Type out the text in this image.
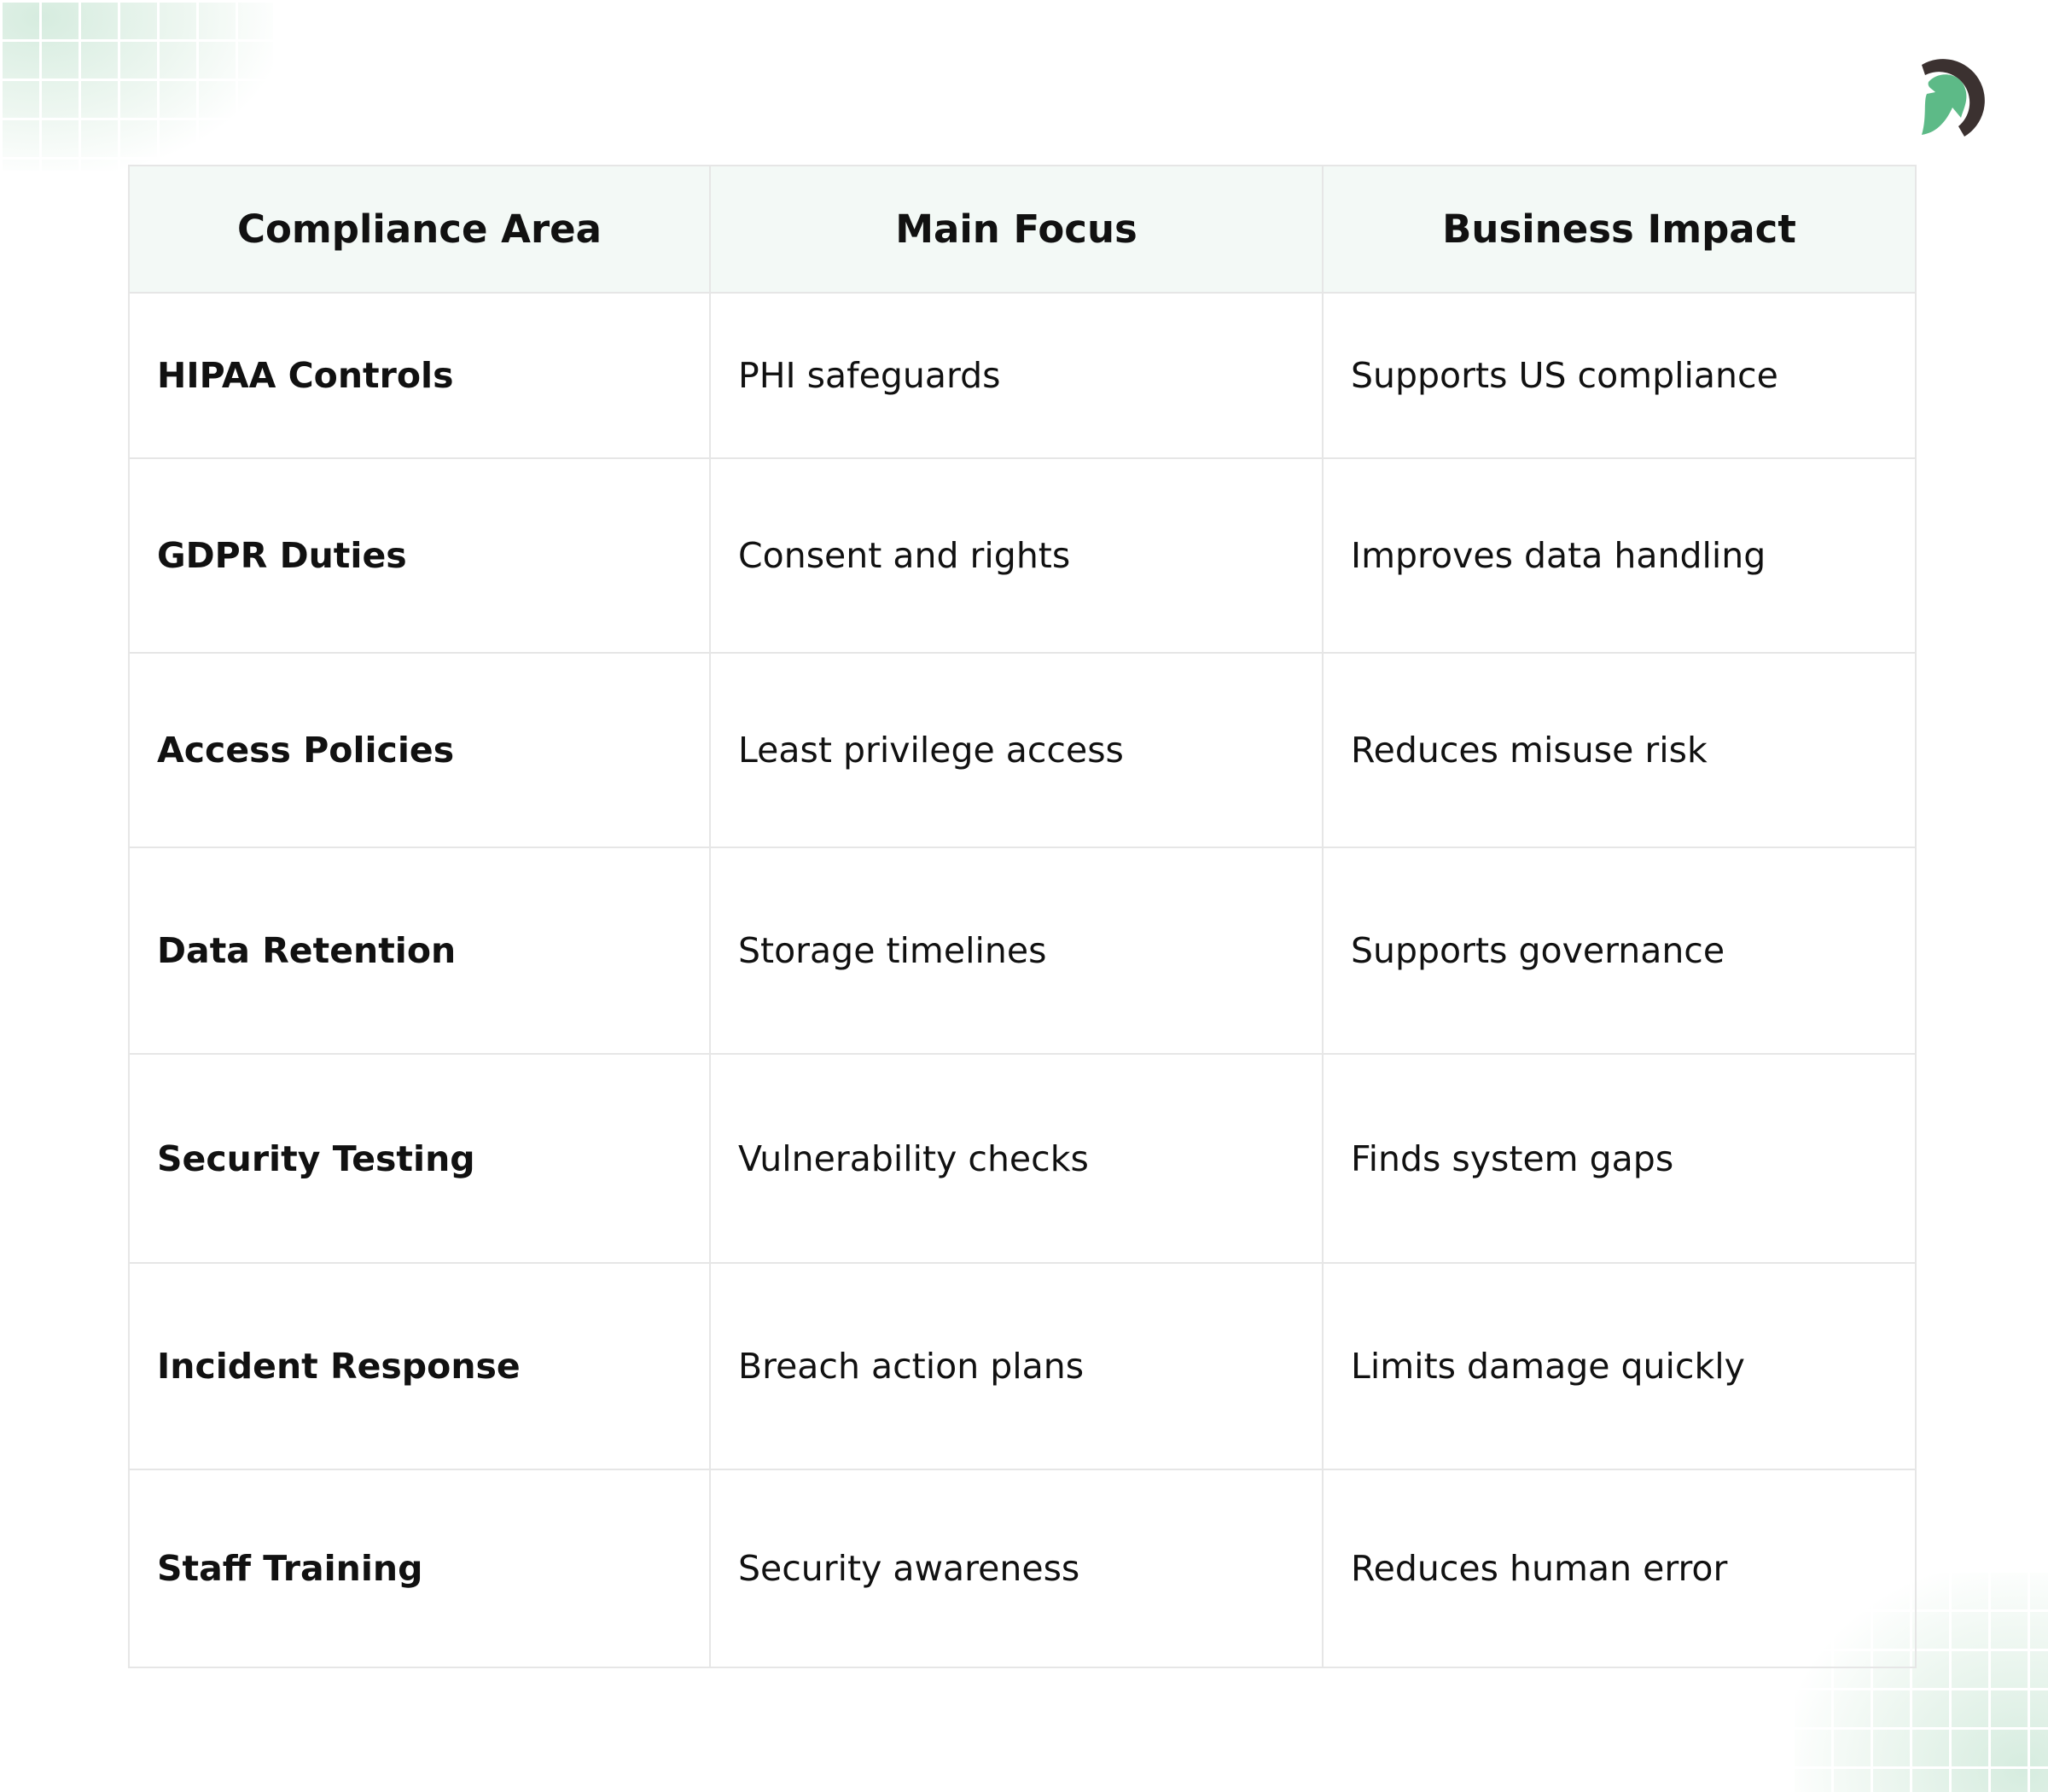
Compliance Area	Main Focus	Business Impact
HIPAA Controls	PHI safeguards	Supports US compliance
GDPR Duties	Consent and rights	Improves data handling
Access Policies	Least privilege access	Reduces misuse risk
Data Retention	Storage timelines	Supports governance
Security Testing	Vulnerability checks	Finds system gaps
Incident Response	Breach action plans	Limits damage quickly
Staff Training	Security awareness	Reduces human error
